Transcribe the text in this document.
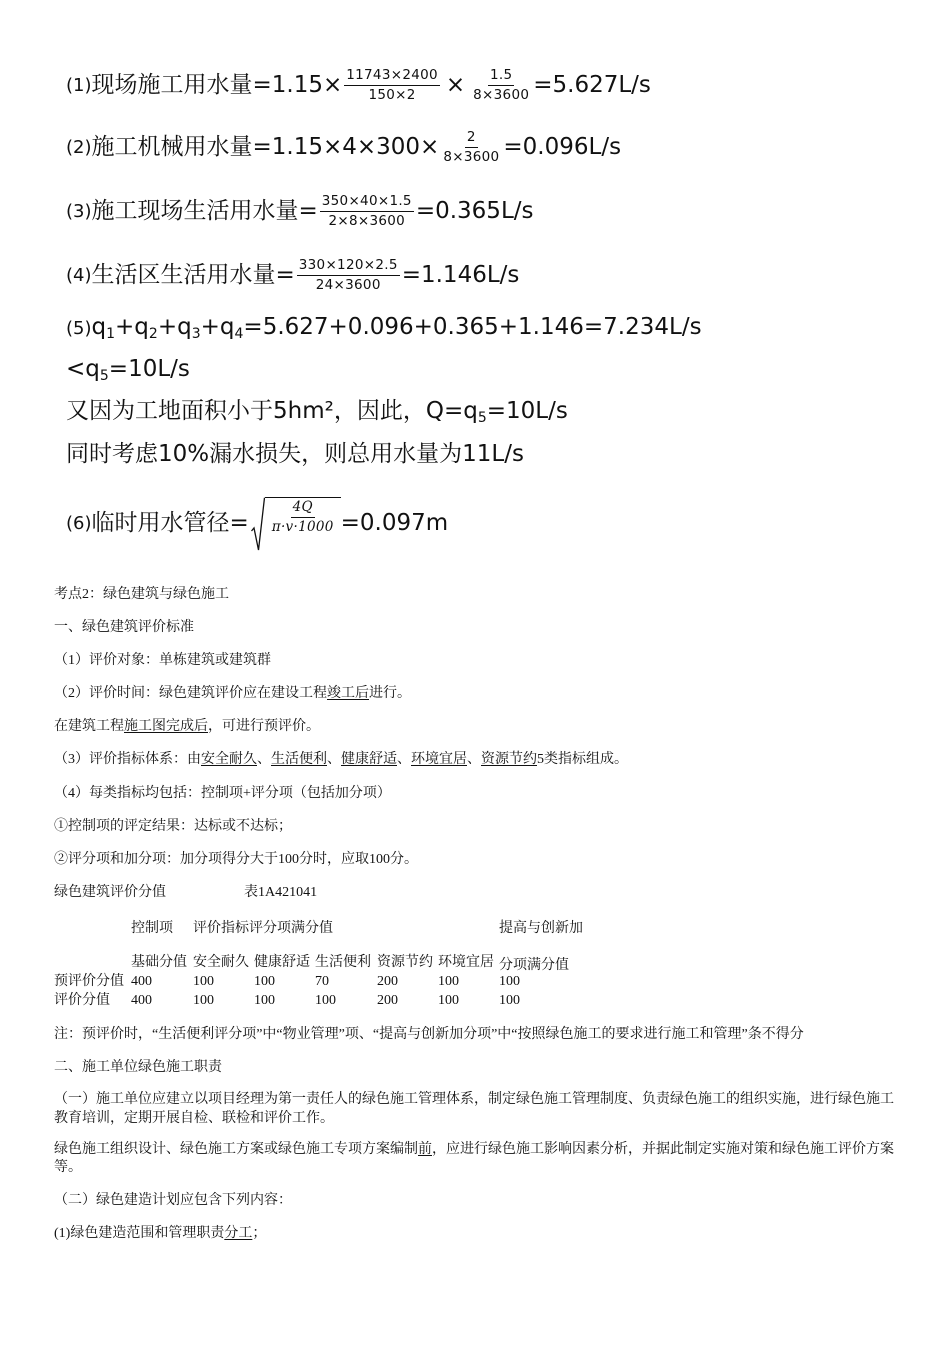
(1) 现场施工用水量$=1.15\times \frac{11743\times 2400}{150\times 2} \times \frac{1.5}{8\times 3600} =5.627L/s$
(2) 施工机械用水量$=1.15\times 4\times 300\times \frac{2}{8\times 3600} =0.096L/s$
(3) 施工现场生活用水量= $\frac{350\times 40\times 1.5}{2\times 8\times 3600} =0.365L/s$
(4) 生活区生活用水量= $\frac{330\times 120\times 2.5}{24\times 3600} =1.146L/s$
(5) $q_1+q_2+q_3+q_4=5.627+0.096+0.365+1.146=7.234L/s$
$<q_5=10L/s$
又因为工地面积小于5hm²，因此，$Q=q_5=10L/s$
同时考虑10%漏水损失，则总用水量为11L/s
(6) 临时用水管径= $\frac{4Q}{\pi\cdot v\cdot 1000} =0.097m$

考点2：绿色建筑与绿色施工

一、绿色建筑评价标准

（1）评价对象：单栋建筑或建筑群

（2）评价时间：绿色建筑评价应在建设工程竣工后进行。

在建筑工程施工图完成后，可进行预评价。

（3）评价指标体系：由安全耐久、生活便利、健康舒适、环境宜居、资源节约5类指标组成。

（4）每类指标均包括：控制项+评分项（包括加分项）

①控制项的评定结果：达标或不达标；

②评分项和加分项：加分项得分大于100分时，应取100分。

绿色建筑评价分值	表1A421041

	控制项	评价指标评分项满分值					提高与创新加
	基础分值	安全耐久	健康舒适	生活便利	资源节约	环境宜居	分项满分值
预评价分值	400	100	100	70	200	100	100
评价分值	400	100	100	100	200	100	100

注：预评价时，“生活便利评分项”中“物业管理”项、“提高与创新加分项”中“按照绿色施工的要求进行施工和管理”条不得分

二、施工单位绿色施工职责

（一）施工单位应建立以项目经理为第一责任人的绿色施工管理体系，制定绿色施工管理制度、负责绿色施工的组织实施，进行绿色施工教育培训，定期开展自检、联检和评价工作。

绿色施工组织设计、绿色施工方案或绿色施工专项方案编制前，应进行绿色施工影响因素分析，并据此制定实施对策和绿色施工评价方案等。

（二）绿色建造计划应包含下列内容：

(1)绿色建造范围和管理职责分工；
